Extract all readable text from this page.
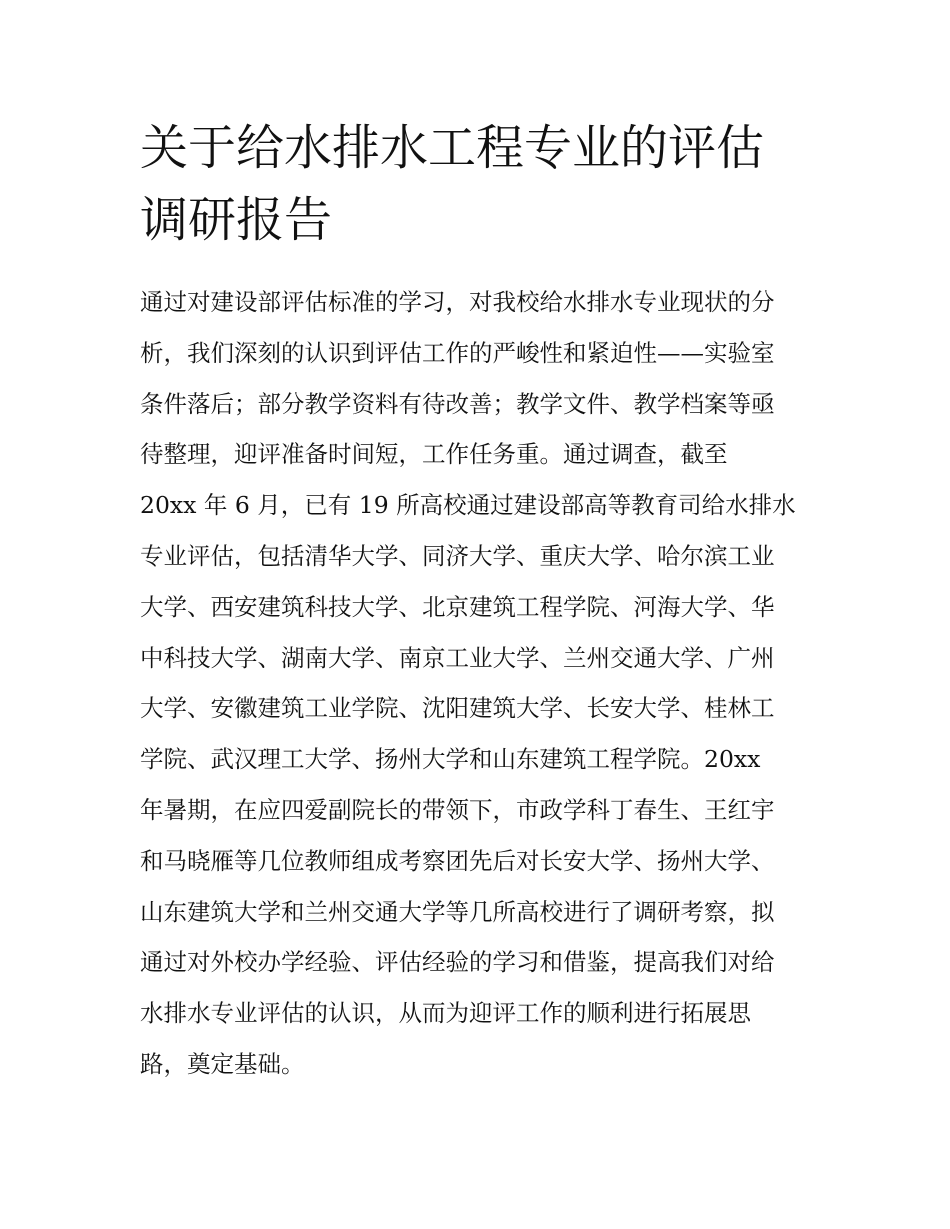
关于给水排水工程专业的评估
调研报告
通过对建设部评估标准的学习，对我校给水排水专业现状的分
析，我们深刻的认识到评估工作的严峻性和紧迫性——实验室
条件落后；部分教学资料有待改善；教学文件、教学档案等亟
待整理，迎评准备时间短，工作任务重。通过调查，截至
20xx 年 6 月，已有 19 所高校通过建设部高等教育司给水排水
专业评估，包括清华大学、同济大学、重庆大学、哈尔滨工业
大学、西安建筑科技大学、北京建筑工程学院、河海大学、华
中科技大学、湖南大学、南京工业大学、兰州交通大学、广州
大学、安徽建筑工业学院、沈阳建筑大学、长安大学、桂林工
学院、武汉理工大学、扬州大学和山东建筑工程学院。20xx
年暑期，在应四爱副院长的带领下，市政学科丁春生、王红宇
和马晓雁等几位教师组成考察团先后对长安大学、扬州大学、
山东建筑大学和兰州交通大学等几所高校进行了调研考察，拟
通过对外校办学经验、评估经验的学习和借鉴，提高我们对给
水排水专业评估的认识，从而为迎评工作的顺利进行拓展思
路，奠定基础。
